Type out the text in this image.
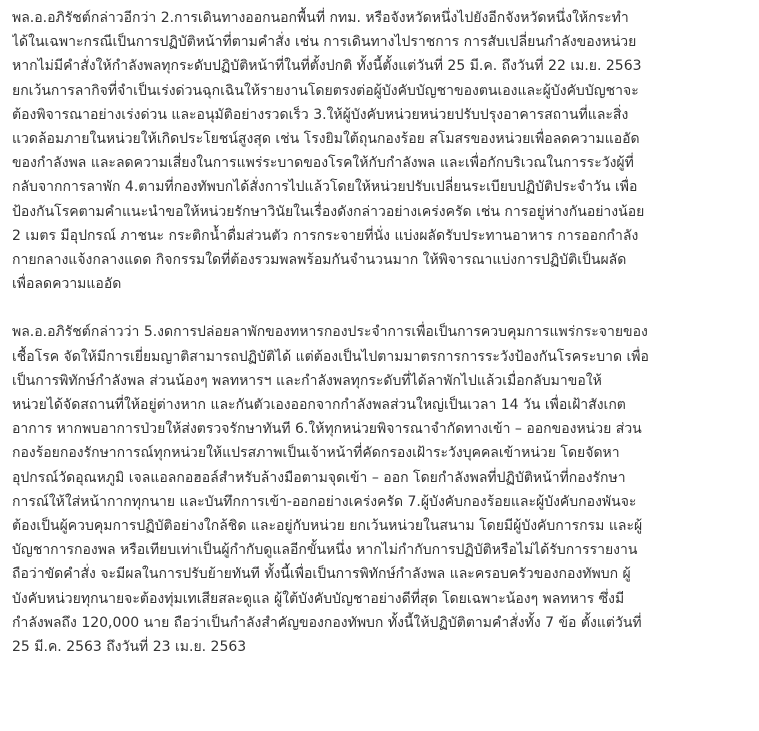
พล.อ.อภิรัชต์กล่าวอีกว่า 2.การเดินทางออกนอกพื้นที่ กทม. หรือจังหวัดหนึ่งไปยังอีกจังหวัดหนึ่งให้กระทำ
ได้ในเฉพาะกรณีเป็นการปฏิบัติหน้าที่ตามคำสั่ง เช่น การเดินทางไปราชการ การสับเปลี่ยนกำลังของหน่วย
หากไม่มีคำสั่งให้กำลังพลทุกระดับปฏิบัติหน้าที่ในที่ตั้งปกติ ทั้งนี้ตั้งแต่วันที่ 25 มี.ค. ถึงวันที่ 22 เม.ย. 2563
ยกเว้นการลากิจที่จำเป็นเร่งด่วนฉุกเฉินให้รายงานโดยตรงต่อผู้บังคับบัญชาของตนเองและผู้บังคับบัญชาจะ
ต้องพิจารณาอย่างเร่งด่วน และอนุมัติอย่างรวดเร็ว 3.ให้ผู้บังคับหน่วยหน่วยปรับปรุงอาคารสถานที่และสิ่ง
แวดล้อมภายในหน่วยให้เกิดประโยชน์สูงสุด เช่น โรงยิมใต้ถุนกองร้อย สโมสรของหน่วยเพื่อลดความแออัด
ของกำลังพล และลดความเสี่ยงในการแพร่ระบาดของโรคให้กับกำลังพล และเพื่อกักบริเวณในการระวังผู้ที่
กลับจากการลาพัก 4.ตามที่กองทัพบกได้สั่งการไปแล้วโดยให้หน่วยปรับเปลี่ยนระเบียบปฏิบัติประจำวัน เพื่อ
ป้องกันโรคตามคำแนะนำขอให้หน่วยรักษาวินัยในเรื่องดังกล่าวอย่างเคร่งครัด เช่น การอยู่ห่างกันอย่างน้อย
2 เมตร มีอุปกรณ์ ภาชนะ กระติกน้ำดื่มส่วนตัว การกระจายที่นั่ง แบ่งผลัดรับประทานอาหาร การออกกำลัง
กายกลางแจ้งกลางแดด กิจกรรมใดที่ต้องรวมพลพร้อมกันจำนวนมาก ให้พิจารณาแบ่งการปฏิบัติเป็นผลัด
เพื่อลดความแออัด

พล.อ.อภิรัชต์กล่าวว่า 5.งดการปล่อยลาพักของทหารกองประจำการเพื่อเป็นการควบคุมการแพร่กระจายของ
เชื้อโรค จัดให้มีการเยี่ยมญาติสามารถปฏิบัติได้ แต่ต้องเป็นไปตามมาตรการการระวังป้องกันโรคระบาด เพื่อ
เป็นการพิทักษ์กำลังพล ส่วนน้องๆ พลทหารฯ และกำลังพลทุกระดับที่ได้ลาพักไปแล้วเมื่อกลับมาขอให้
หน่วยได้จัดสถานที่ให้อยู่ต่างหาก และกันตัวเองออกจากกำลังพลส่วนใหญ่เป็นเวลา 14 วัน เพื่อเฝ้าสังเกต
อาการ หากพบอาการป่วยให้ส่งตรวจรักษาทันที 6.ให้ทุกหน่วยพิจารณาจำกัดทางเข้า – ออกของหน่วย ส่วน
กองร้อยกองรักษาการณ์ทุกหน่วยให้แปรสภาพเป็นเจ้าหน้าที่คัดกรองเฝ้าระวังบุคคลเข้าหน่วย โดยจัดหา
อุปกรณ์วัดอุณหภูมิ เจลแอลกอฮอล์สำหรับล้างมือตามจุดเข้า – ออก โดยกำลังพลที่ปฏิบัติหน้าที่กองรักษา
การณ์ให้ใส่หน้ากากทุกนาย และบันทึกการเข้า-ออกอย่างเคร่งครัด 7.ผู้บังคับกองร้อยและผู้บังคับกองพันจะ
ต้องเป็นผู้ควบคุมการปฏิบัติอย่างใกล้ชิด และอยู่กับหน่วย ยกเว้นหน่วยในสนาม โดยมีผู้บังคับการกรม และผู้
บัญชาการกองพล หรือเทียบเท่าเป็นผู้กำกับดูแลอีกขั้นหนึ่ง หากไม่กำกับการปฏิบัติหรือไม่ได้รับการรายงาน
ถือว่าขัดคำสั่ง จะมีผลในการปรับย้ายทันที ทั้งนี้เพื่อเป็นการพิทักษ์กำลังพล และครอบครัวของกองทัพบก ผู้
บังคับหน่วยทุกนายจะต้องทุ่มเทเสียสละดูแล ผู้ใต้บังคับบัญชาอย่างดีที่สุด โดยเฉพาะน้องๆ พลทหาร ซึ่งมี
กำลังพลถึง 120,000 นาย ถือว่าเป็นกำลังสำคัญของกองทัพบก ทั้งนี้ให้ปฏิบัติตามคำสั่งทั้ง 7 ข้อ ตั้งแต่วันที่
25 มี.ค. 2563 ถึงวันที่ 23 เม.ย. 2563
